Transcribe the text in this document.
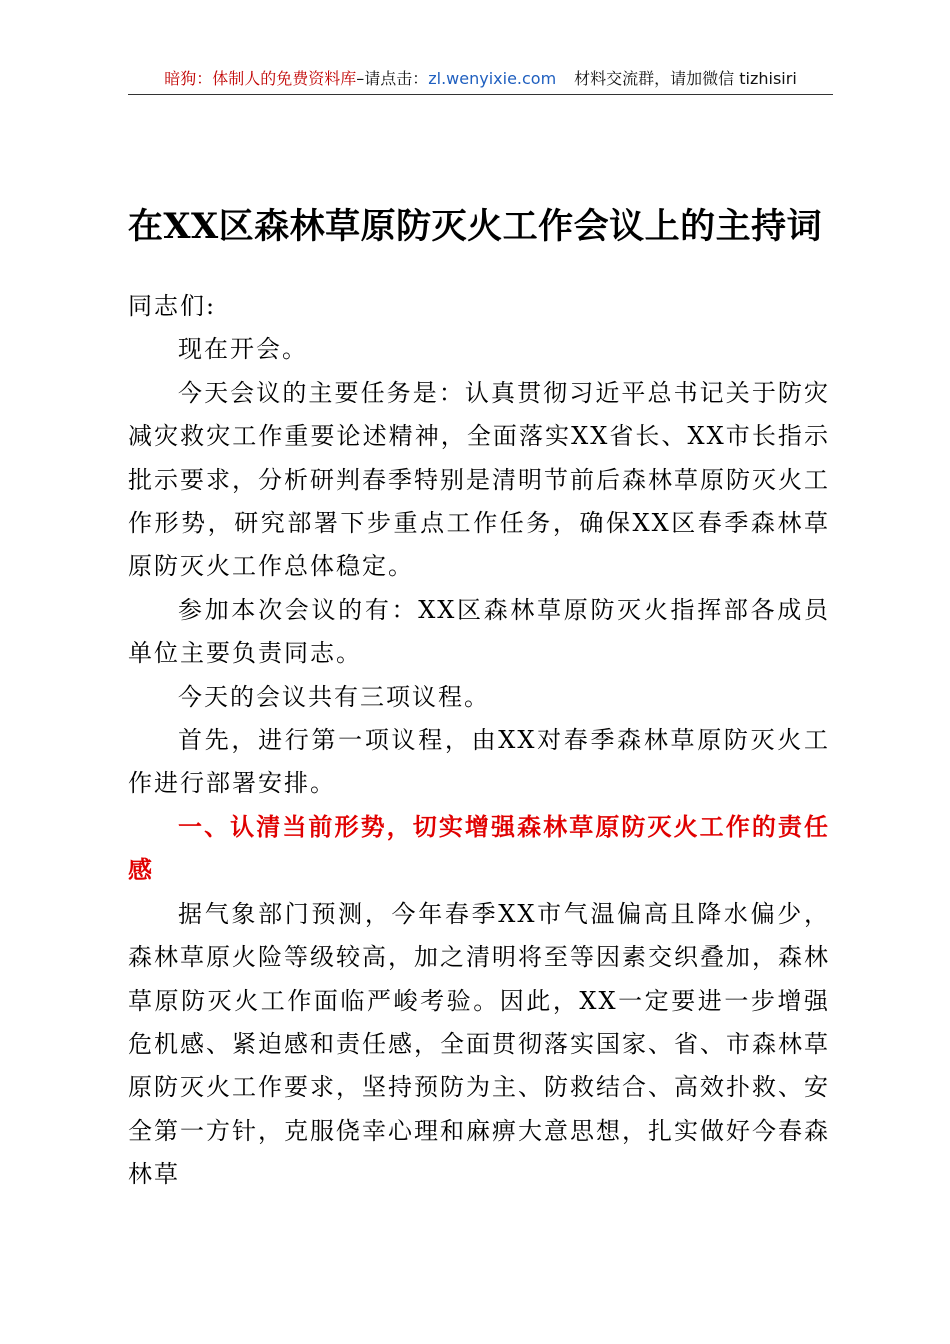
暗狗：体制人的免费资料库–请点击：zl.wenyixie.com 材料交流群，请加微信 tizhisiri
在XX区森林草原防灭火工作会议上的主持词

同志们:

现在开会。

今天会议的主要任务是：认真贯彻习近平总书记关于防灾减灾救灾工作重要论述精神，全面落实XX省长、XX市长指示批示要求，分析研判春季特别是清明节前后森林草原防灭火工作形势，研究部署下步重点工作任务，确保XX区春季森林草原防灭火工作总体稳定。

参加本次会议的有：XX区森林草原防灭火指挥部各成员单位主要负责同志。

今天的会议共有三项议程。

首先，进行第一项议程，由XX对春季森林草原防灭火工作进行部署安排。

一、认清当前形势，切实增强森林草原防灭火工作的责任感

据气象部门预测，今年春季XX市气温偏高且降水偏少，森林草原火险等级较高，加之清明将至等因素交织叠加，森林草原防灭火工作面临严峻考验。因此，XX一定要进一步增强危机感、紧迫感和责任感，全面贯彻落实国家、省、市森林草原防灭火工作要求，坚持预防为主、防救结合、高效扑救、安全第一方针，克服侥幸心理和麻痹大意思想，扎实做好今春森林草
